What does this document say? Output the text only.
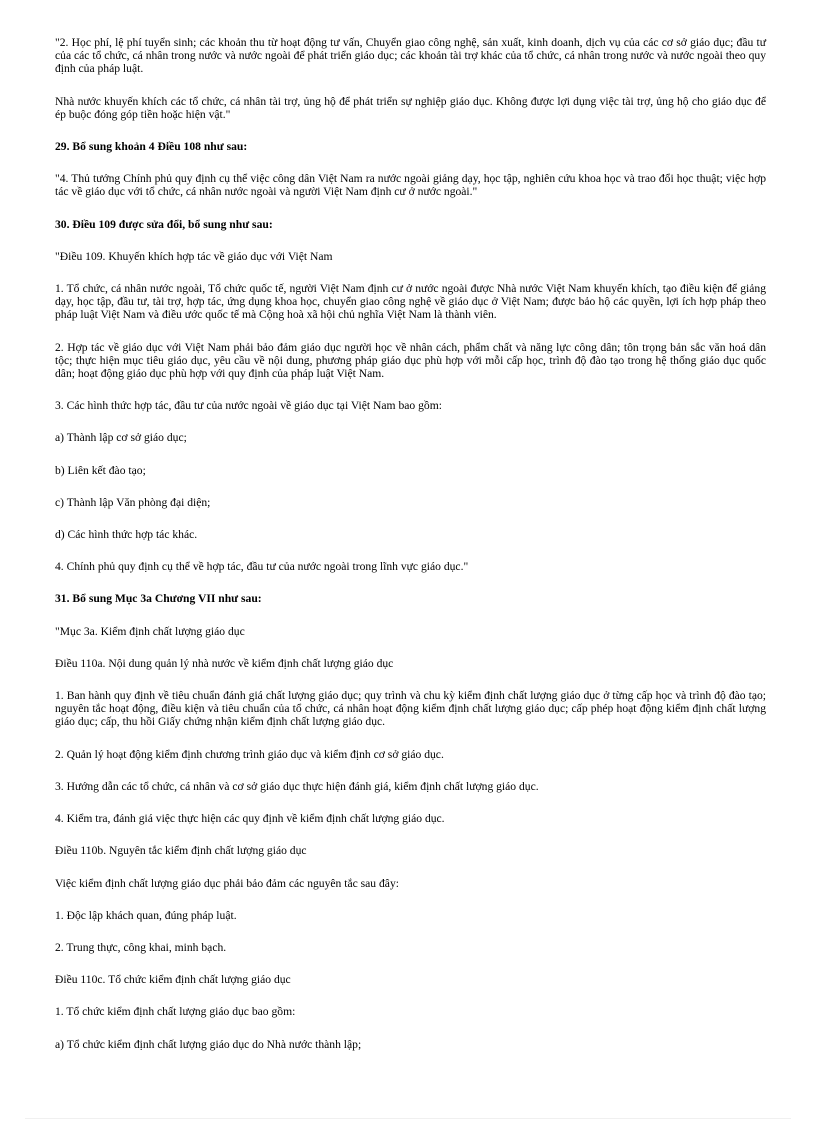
"2. Học phí, lệ phí tuyển sinh; các khoản thu từ hoạt động tư vấn, Chuyển giao công nghệ, sản xuất, kinh doanh, dịch vụ của các cơ sở giáo dục; đầu tư của các tổ chức, cá nhân trong nước và nước ngoài để phát triển giáo dục; các khoản tài trợ khác của tổ chức, cá nhân trong nước và nước ngoài theo quy định của pháp luật.

Nhà nước khuyến khích các tổ chức, cá nhân tài trợ, ủng hộ để phát triển sự nghiệp giáo dục. Không được lợi dụng việc tài trợ, ủng hộ cho giáo dục để ép buộc đóng góp tiền hoặc hiện vật."

29. Bổ sung khoản 4 Điều 108 như sau:

"4. Thủ tướng Chính phủ quy định cụ thể việc công dân Việt Nam ra nước ngoài giảng dạy, học tập, nghiên cứu khoa học và trao đổi học thuật; việc hợp tác về giáo dục với tổ chức, cá nhân nước ngoài và người Việt Nam định cư ở nước ngoài."

30. Điều 109 được sửa đổi, bổ sung như sau:

"Điều 109. Khuyến khích hợp tác về giáo dục với Việt Nam

1. Tổ chức, cá nhân nước ngoài, Tổ chức quốc tế, người Việt Nam định cư ở nước ngoài được Nhà nước Việt Nam khuyến khích, tạo điều kiện để giảng dạy, học tập, đầu tư, tài trợ, hợp tác, ứng dụng khoa học, chuyển giao công nghệ về giáo dục ở Việt Nam; được bảo hộ các quyền, lợi ích hợp pháp theo pháp luật Việt Nam và điều ước quốc tế mà Cộng hoà xã hội chủ nghĩa Việt Nam là thành viên.

2. Hợp tác về giáo dục với Việt Nam phải bảo đảm giáo dục người học về nhân cách, phẩm chất và năng lực công dân; tôn trọng bản sắc văn hoá dân tộc; thực hiện mục tiêu giáo dục, yêu cầu về nội dung, phương pháp giáo dục phù hợp với mỗi cấp học, trình độ đào tạo trong hệ thống giáo dục quốc dân; hoạt động giáo dục phù hợp với quy định của pháp luật Việt Nam.

3. Các hình thức hợp tác, đầu tư của nước ngoài về giáo dục tại Việt Nam bao gồm:

a) Thành lập cơ sở giáo dục;

b) Liên kết đào tạo;

c) Thành lập Văn phòng đại diện;

d) Các hình thức hợp tác khác.

4. Chính phủ quy định cụ thể về hợp tác, đầu tư của nước ngoài trong lĩnh vực giáo dục."

31. Bổ sung Mục 3a Chương VII như sau:

"Mục 3a. Kiểm định chất lượng giáo dục

Điều 110a. Nội dung quản lý nhà nước về kiểm định chất lượng giáo dục

1. Ban hành quy định về tiêu chuẩn đánh giá chất lượng giáo dục; quy trình và chu kỳ kiểm định chất lượng giáo dục ở từng cấp học và trình độ đào tạo; nguyên tắc hoạt động, điều kiện và tiêu chuẩn của tổ chức, cá nhân hoạt động kiểm định chất lượng giáo dục; cấp phép hoạt động kiểm định chất lượng giáo dục; cấp, thu hồi Giấy chứng nhận kiểm định chất lượng giáo dục.

2. Quản lý hoạt động kiểm định chương trình giáo dục và kiểm định cơ sở giáo dục.

3. Hướng dẫn các tổ chức, cá nhân và cơ sở giáo dục thực hiện đánh giá, kiểm định chất lượng giáo dục.

4. Kiểm tra, đánh giá việc thực hiện các quy định về kiểm định chất lượng giáo dục.

Điều 110b. Nguyên tắc kiểm định chất lượng giáo dục

Việc kiểm định chất lượng giáo dục phải bảo đảm các nguyên tắc sau đây:

1. Độc lập khách quan, đúng pháp luật.

2. Trung thực, công khai, minh bạch.

Điều 110c. Tổ chức kiểm định chất lượng giáo dục

1. Tổ chức kiểm định chất lượng giáo dục bao gồm:

a) Tổ chức kiểm định chất lượng giáo dục do Nhà nước thành lập;
